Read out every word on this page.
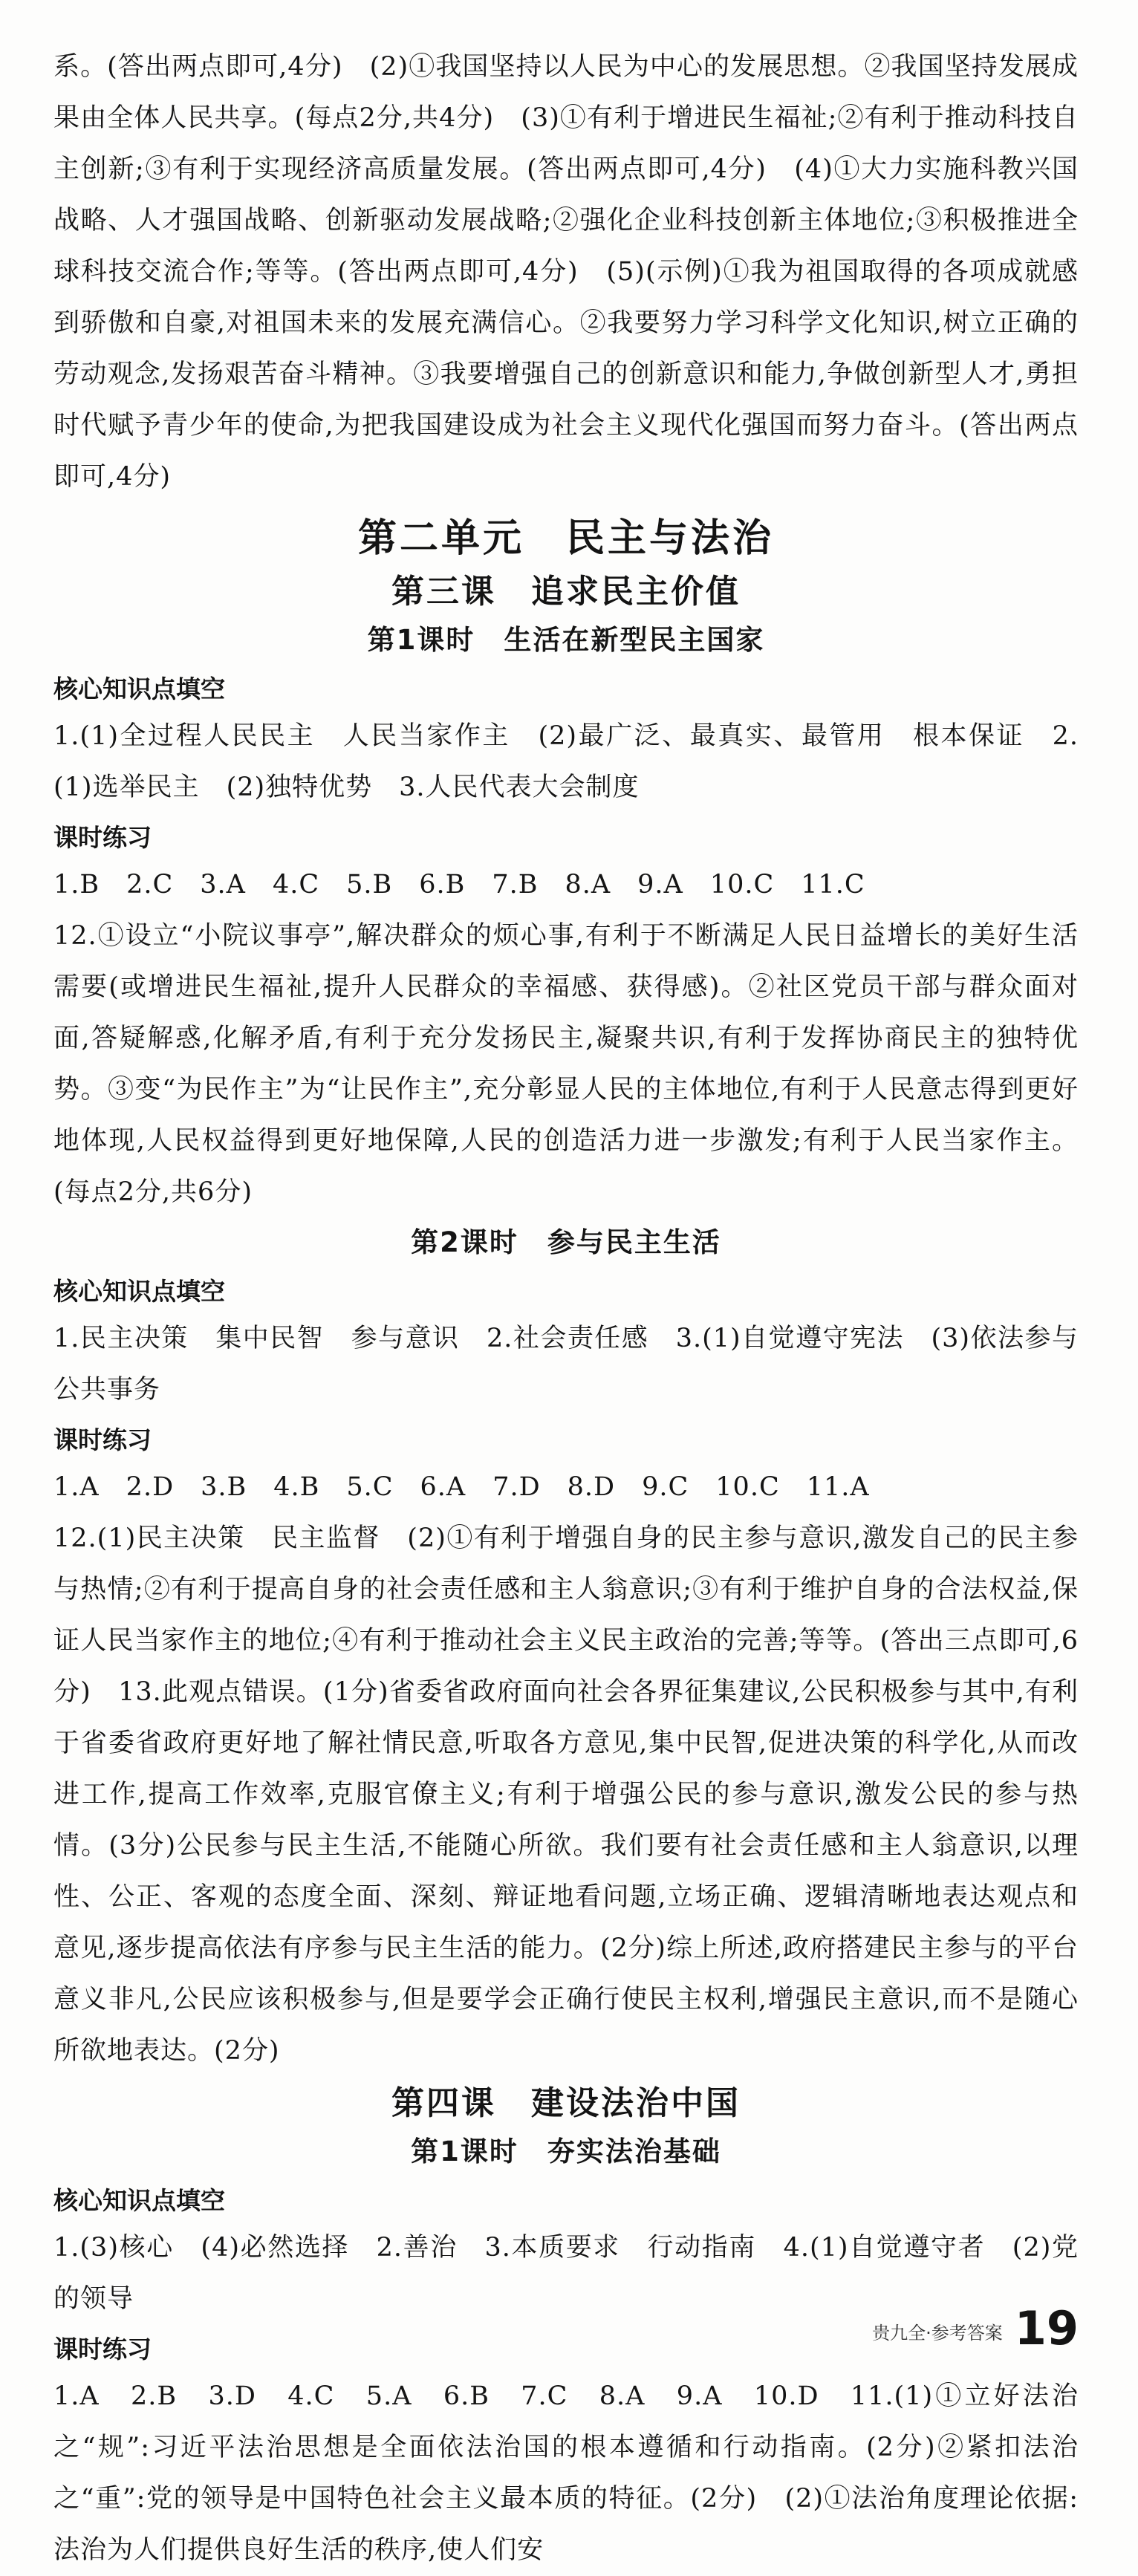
系。(答出两点即可,4分)　(2)①我国坚持以人民为中心的发展思想。②我国坚持发展成果由全体人民共享。(每点2分,共4分)　(3)①有利于增进民生福祉;②有利于推动科技自主创新;③有利于实现经济高质量发展。(答出两点即可,4分)　(4)①大力实施科教兴国战略、人才强国战略、创新驱动发展战略;②强化企业科技创新主体地位;③积极推进全球科技交流合作;等等。(答出两点即可,4分)　(5)(示例)①我为祖国取得的各项成就感到骄傲和自豪,对祖国未来的发展充满信心。②我要努力学习科学文化知识,树立正确的劳动观念,发扬艰苦奋斗精神。③我要增强自己的创新意识和能力,争做创新型人才,勇担时代赋予青少年的使命,为把我国建设成为社会主义现代化强国而努力奋斗。(答出两点即可,4分)

第二单元　民主与法治
第三课　追求民主价值
第1课时　生活在新型民主国家
核心知识点填空

1.(1)全过程人民民主　人民当家作主　(2)最广泛、最真实、最管用　根本保证　2.(1)选举民主　(2)独特优势　3.人民代表大会制度

课时练习

1.B　2.C　3.A　4.C　5.B　6.B　7.B　8.A　9.A　10.C　11.C

12.①设立“小院议事亭”,解决群众的烦心事,有利于不断满足人民日益增长的美好生活需要(或增进民生福祉,提升人民群众的幸福感、获得感)。②社区党员干部与群众面对面,答疑解惑,化解矛盾,有利于充分发扬民主,凝聚共识,有利于发挥协商民主的独特优势。③变“为民作主”为“让民作主”,充分彰显人民的主体地位,有利于人民意志得到更好地体现,人民权益得到更好地保障,人民的创造活力进一步激发;有利于人民当家作主。(每点2分,共6分)

第2课时　参与民主生活
核心知识点填空

1.民主决策　集中民智　参与意识　2.社会责任感　3.(1)自觉遵守宪法　(3)依法参与公共事务

课时练习

1.A　2.D　3.B　4.B　5.C　6.A　7.D　8.D　9.C　10.C　11.A

12.(1)民主决策　民主监督　(2)①有利于增强自身的民主参与意识,激发自己的民主参与热情;②有利于提高自身的社会责任感和主人翁意识;③有利于维护自身的合法权益,保证人民当家作主的地位;④有利于推动社会主义民主政治的完善;等等。(答出三点即可,6分)　13.此观点错误。(1分)省委省政府面向社会各界征集建议,公民积极参与其中,有利于省委省政府更好地了解社情民意,听取各方意见,集中民智,促进决策的科学化,从而改进工作,提高工作效率,克服官僚主义;有利于增强公民的参与意识,激发公民的参与热情。(3分)公民参与民主生活,不能随心所欲。我们要有社会责任感和主人翁意识,以理性、公正、客观的态度全面、深刻、辩证地看问题,立场正确、逻辑清晰地表达观点和意见,逐步提高依法有序参与民主生活的能力。(2分)综上所述,政府搭建民主参与的平台意义非凡,公民应该积极参与,但是要学会正确行使民主权利,增强民主意识,而不是随心所欲地表达。(2分)

第四课　建设法治中国
第1课时　夯实法治基础
核心知识点填空

1.(3)核心　(4)必然选择　2.善治　3.本质要求　行动指南　4.(1)自觉遵守者　(2)党的领导

课时练习

1.A　2.B　3.D　4.C　5.A　6.B　7.C　8.A　9.A　10.D　11.(1)①立好法治之“规”:习近平法治思想是全面依法治国的根本遵循和行动指南。(2分)②紧扣法治之“重”:党的领导是中国特色社会主义最本质的特征。(2分)　(2)①法治角度理论依据:法治为人们提供良好生活的秩序,使人们安

贵九全·参考答案 19
